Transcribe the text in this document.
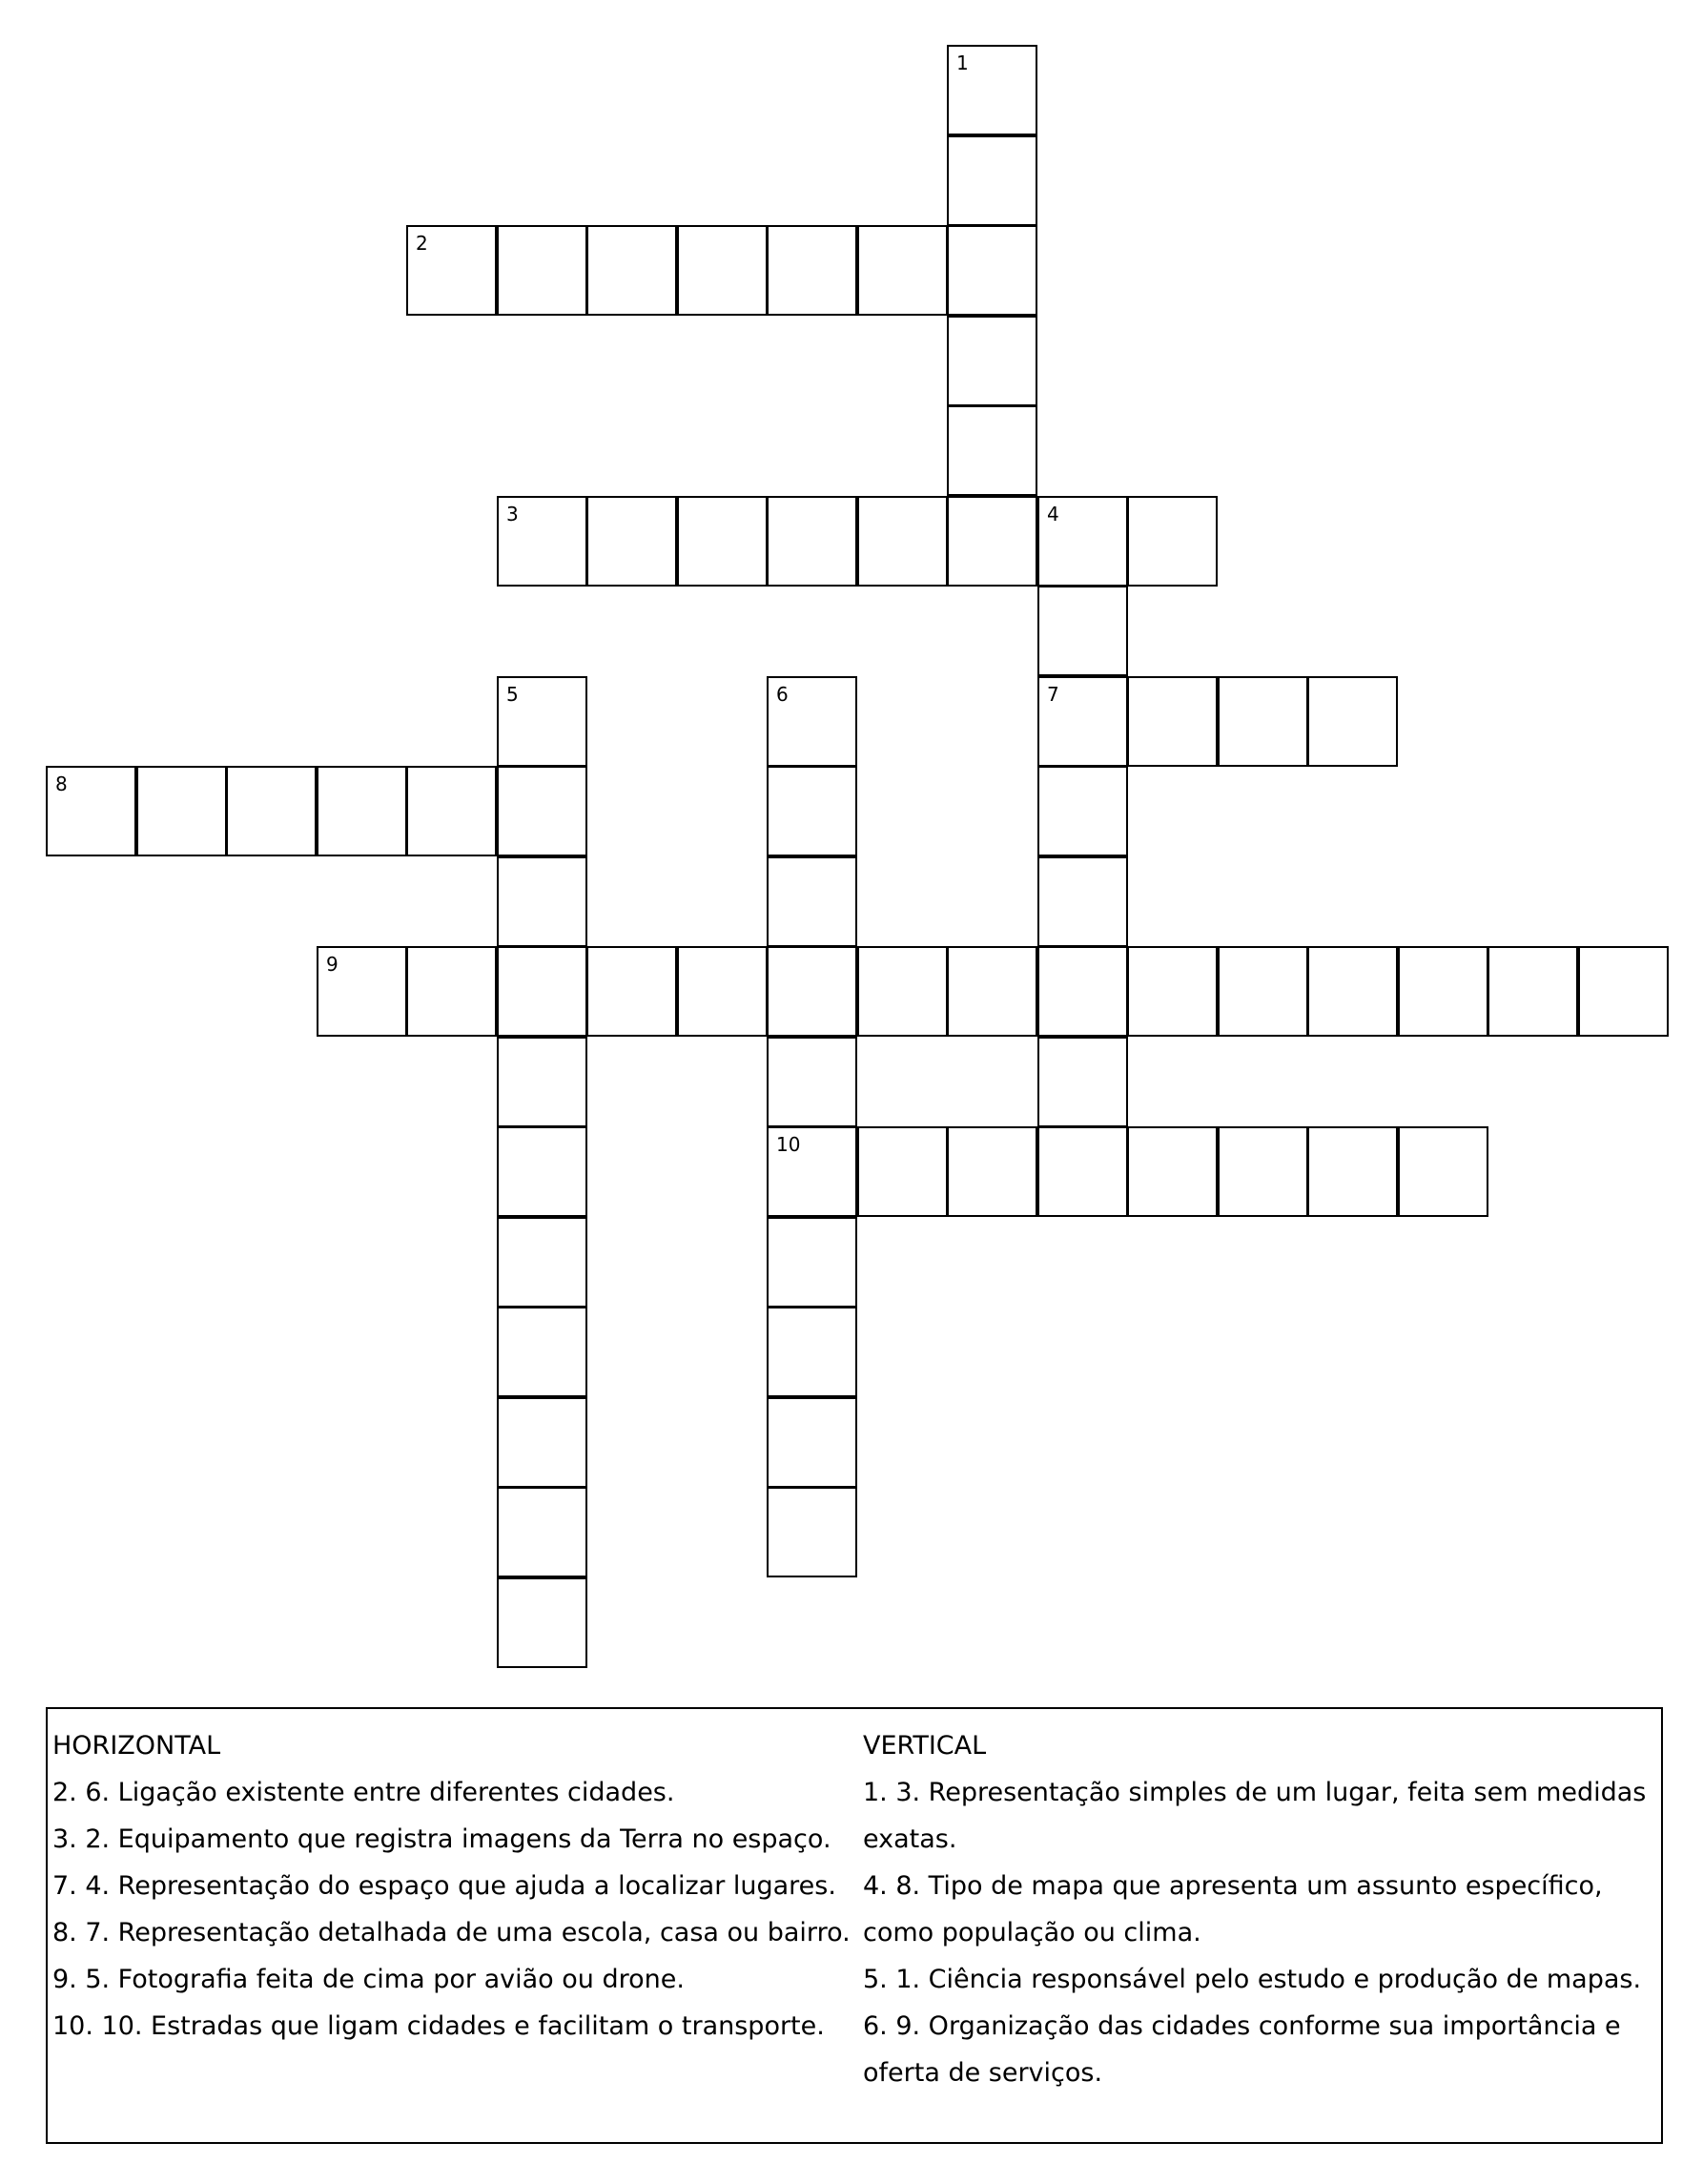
1
2
3	4
5	6
10
7
8
9
HORIZONTAL
2. 6. Ligação existente entre diferentes cidades.
3. 2. Equipamento que registra imagens da Terra no espaço.
7. 4. Representação do espaço que ajuda a localizar lugares.
8. 7. Representação detalhada de uma escola, casa ou bairro.
9. 5. Fotografia feita de cima por avião ou drone.
10. 10. Estradas que ligam cidades e facilitam o transporte.
VERTICAL
1. 3. Representação simples de um lugar, feita sem medidas exatas.
4. 8. Tipo de mapa que apresenta um assunto específico, como população ou clima.
5. 1. Ciência responsável pelo estudo e produção de mapas.
6. 9. Organização das cidades conforme sua importância e oferta de serviços.
